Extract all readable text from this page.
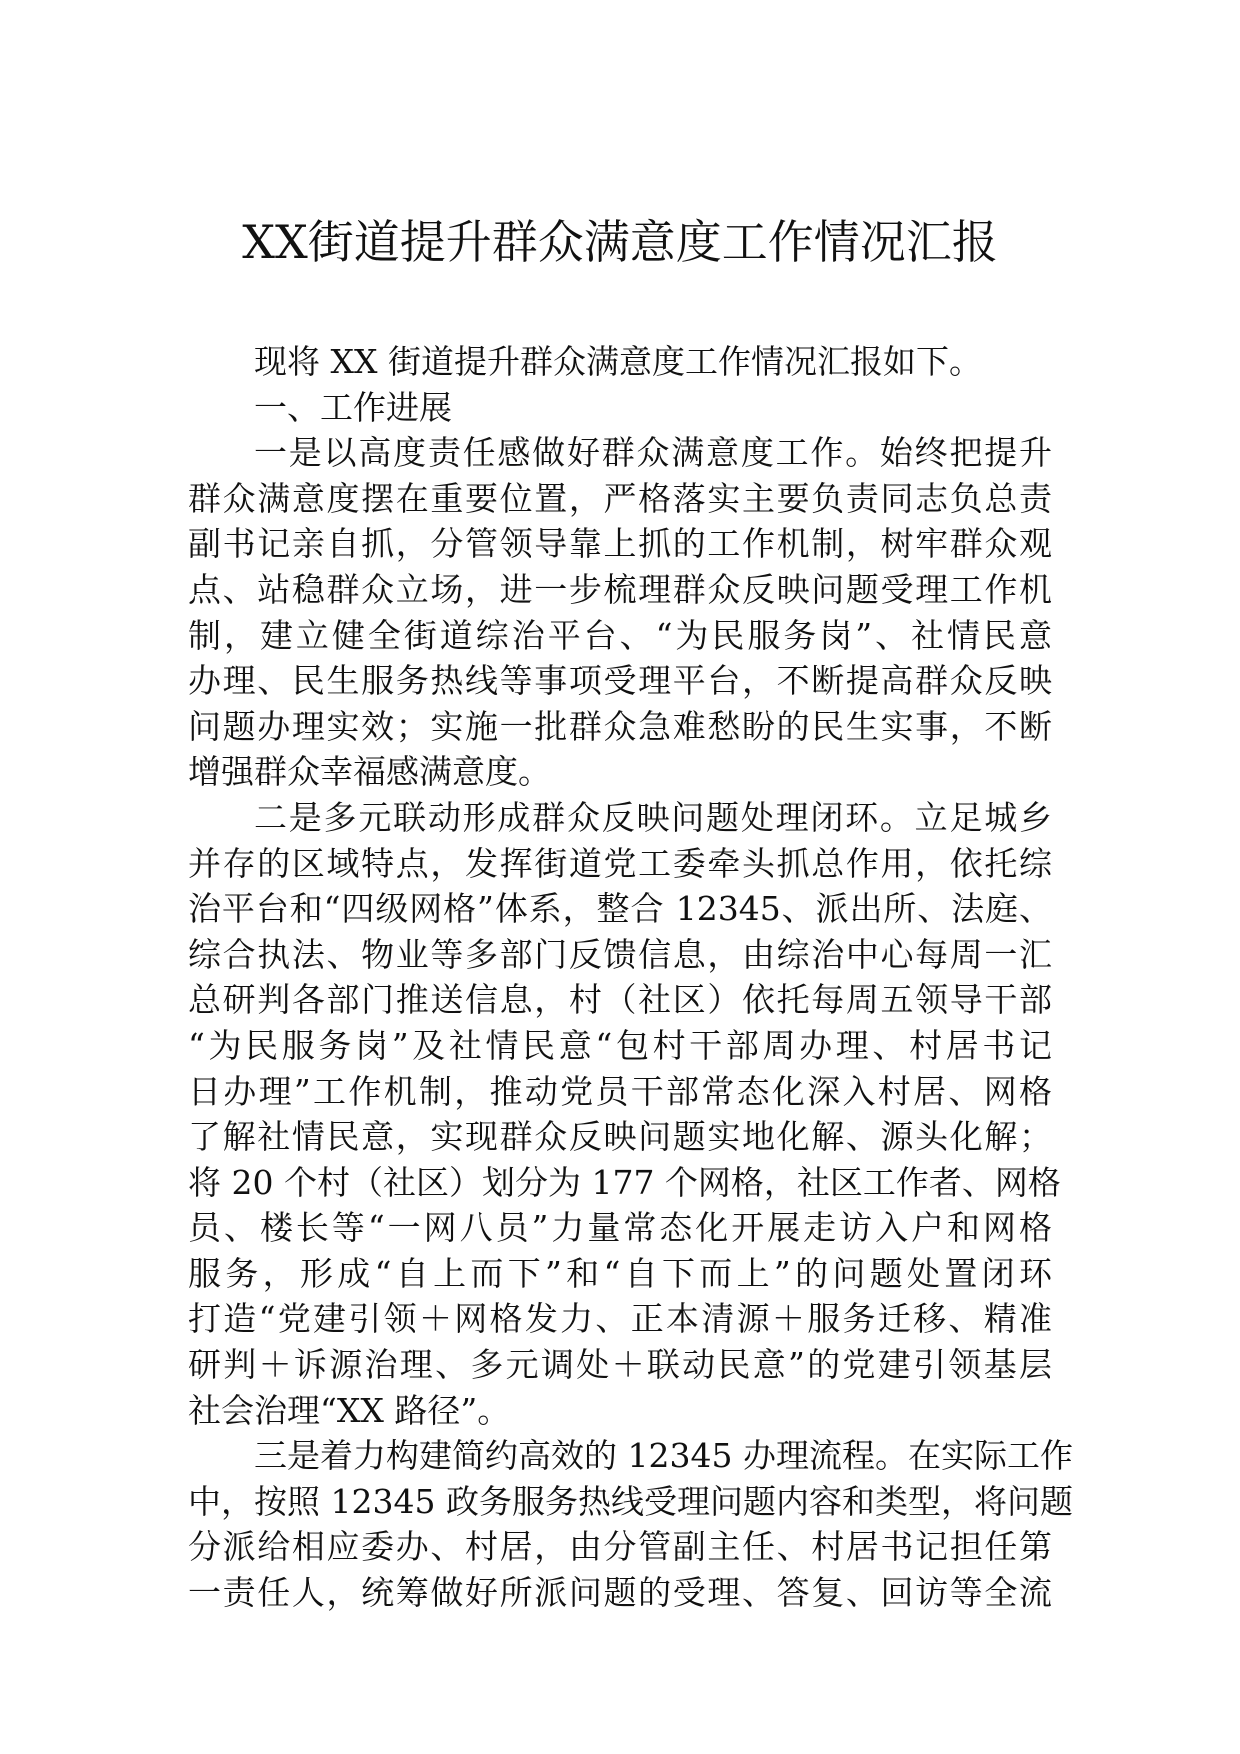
XX街道提升群众满意度工作情况汇报
现将 XX 街道提升群众满意度工作情况汇报如下。
一、工作进展
一是以高度责任感做好群众满意度工作。始终把提升
群众满意度摆在重要位置，严格落实主要负责同志负总责
副书记亲自抓，分管领导靠上抓的工作机制，树牢群众观
点、站稳群众立场，进一步梳理群众反映问题受理工作机
制，建立健全街道综治平台、“为民服务岗”、社情民意
办理、民生服务热线等事项受理平台，不断提高群众反映
问题办理实效；实施一批群众急难愁盼的民生实事，不断
增强群众幸福感满意度。
二是多元联动形成群众反映问题处理闭环。立足城乡
并存的区域特点，发挥街道党工委牵头抓总作用，依托综
治平台和“四级网格”体系，整合 12345、派出所、法庭、
综合执法、物业等多部门反馈信息，由综治中心每周一汇
总研判各部门推送信息，村（社区）依托每周五领导干部
“为民服务岗”及社情民意“包村干部周办理、村居书记
日办理”工作机制，推动党员干部常态化深入村居、网格
了解社情民意，实现群众反映问题实地化解、源头化解；
将 20 个村（社区）划分为 177 个网格，社区工作者、网格
员、楼长等“一网八员”力量常态化开展走访入户和网格
服务，形成“自上而下”和“自下而上”的问题处置闭环
打造“党建引领＋网格发力、正本清源＋服务迁移、精准
研判＋诉源治理、多元调处＋联动民意”的党建引领基层
社会治理“XX 路径”。
三是着力构建简约高效的 12345 办理流程。在实际工作
中，按照 12345 政务服务热线受理问题内容和类型，将问题
分派给相应委办、村居，由分管副主任、村居书记担任第
一责任人，统筹做好所派问题的受理、答复、回访等全流
